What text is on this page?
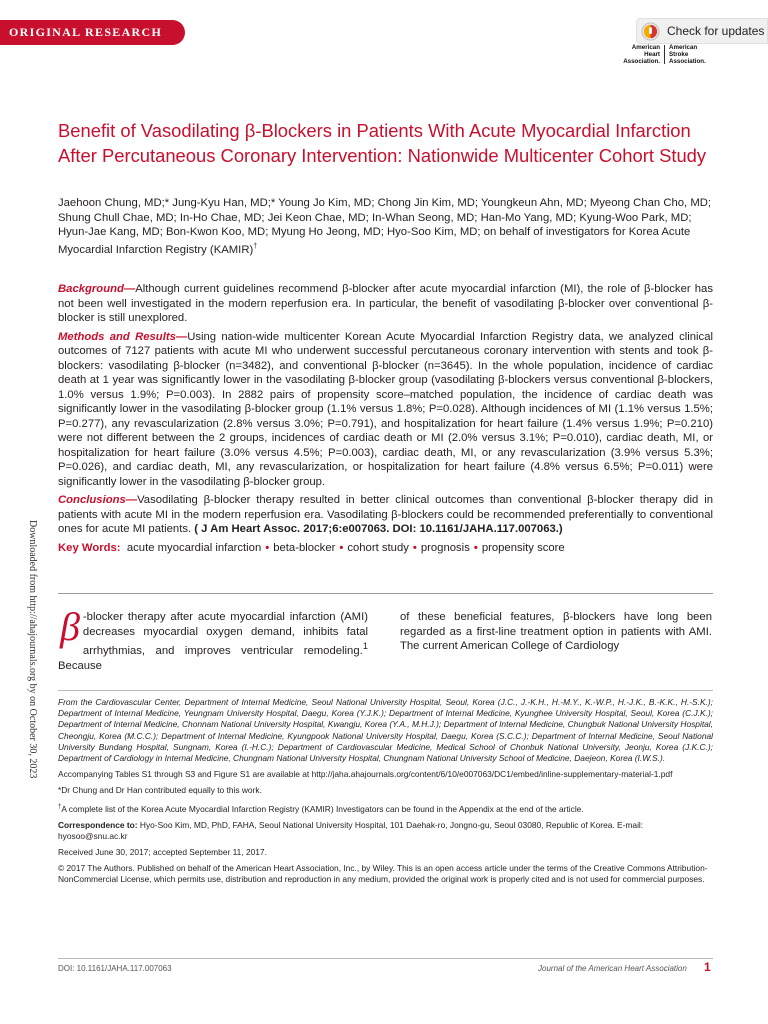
ORIGINAL RESEARCH	Check for updates
American
Heart
Association.
American
Stroke
Association.
Benefit of Vasodilating β-Blockers in Patients With Acute Myocardial Infarction After Percutaneous Coronary Intervention: Nationwide Multicenter Cohort Study
Jaehoon Chung, MD;* Jung-Kyu Han, MD;* Young Jo Kim, MD; Chong Jin Kim, MD; Youngkeun Ahn, MD; Myeong Chan Cho, MD; Shung Chull Chae, MD; In-Ho Chae, MD; Jei Keon Chae, MD; In-Whan Seong, MD; Han-Mo Yang, MD; Kyung-Woo Park, MD; Hyun-Jae Kang, MD; Bon-Kwon Koo, MD; Myung Ho Jeong, MD; Hyo-Soo Kim, MD; on behalf of investigators for Korea Acute Myocardial Infarction Registry (KAMIR)†

Background—Although current guidelines recommend β-blocker after acute myocardial infarction (MI), the role of β-blocker has not been well investigated in the modern reperfusion era. In particular, the benefit of vasodilating β-blocker over conventional β-blocker is still unexplored.

Methods and Results—Using nation-wide multicenter Korean Acute Myocardial Infarction Registry data, we analyzed clinical outcomes of 7127 patients with acute MI who underwent successful percutaneous coronary intervention with stents and took β-blockers: vasodilating β-blocker (n=3482), and conventional β-blocker (n=3645). In the whole population, incidence of cardiac death at 1 year was significantly lower in the vasodilating β-blocker group (vasodilating β-blockers versus conventional β-blockers, 1.0% versus 1.9%; P=0.003). In 2882 pairs of propensity score–matched population, the incidence of cardiac death was significantly lower in the vasodilating β-blocker group (1.1% versus 1.8%; P=0.028). Although incidences of MI (1.1% versus 1.5%; P=0.277), any revascularization (2.8% versus 3.0%; P=0.791), and hospitalization for heart failure (1.4% versus 1.9%; P=0.210) were not different between the 2 groups, incidences of cardiac death or MI (2.0% versus 3.1%; P=0.010), cardiac death, MI, or hospitalization for heart failure (3.0% versus 4.5%; P=0.003), cardiac death, MI, or any revascularization (3.9% versus 5.3%; P=0.026), and cardiac death, MI, any revascularization, or hospitalization for heart failure (4.8% versus 6.5%; P=0.011) were significantly lower in the vasodilating β-blocker group.

Conclusions—Vasodilating β-blocker therapy resulted in better clinical outcomes than conventional β-blocker therapy did in patients with acute MI in the modern reperfusion era. Vasodilating β-blockers could be recommended preferentially to conventional ones for acute MI patients. ( J Am Heart Assoc. 2017;6:e007063. DOI: 10.1161/JAHA.117.007063.)

Key Words: acute myocardial infarction • beta-blocker • cohort study • prognosis • propensity score

β -blocker therapy after acute myocardial infarction (AMI) decreases myocardial oxygen demand, inhibits fatal arrhythmias, and improves ventricular remodeling.$^1$ Because
of these beneficial features, β-blockers have long been regarded as a first-line treatment option in patients with AMI. The current American College of Cardiology

From the Cardiovascular Center, Department of Internal Medicine, Seoul National University Hospital, Seoul, Korea (J.C., J.-K.H., H.-M.Y., K.-W.P., H.-J.K., B.-K.K., H.-S.K.); Department of Internal Medicine, Yeungnam University Hospital, Daegu, Korea (Y.J.K.); Department of Internal Medicine, Kyunghee University Hospital, Seoul, Korea (C.J.K.); Department of Internal Medicine, Chonnam National University Hospital, Kwangju, Korea (Y.A., M.H.J.); Department of Internal Medicine, Chungbuk National University Hospital, Cheongju, Korea (M.C.C.); Department of Internal Medicine, Kyungpook National University Hospital, Daegu, Korea (S.C.C.); Department of Internal Medicine, Seoul National University Bundang Hospital, Sungnam, Korea (I.-H.C.); Department of Cardiovascular Medicine, Medical School of Chonbuk National University, Jeonju, Korea (J.K.C.); Department of Cardiology in Internal Medicine, Chungnam National University Hospital, Chungnam National University School of Medicine, Daejeon, Korea (I.W.S.).

Accompanying Tables S1 through S3 and Figure S1 are available at http://jaha.ahajournals.org/content/6/10/e007063/DC1/embed/inline-supplementary-material-1.pdf

*Dr Chung and Dr Han contributed equally to this work.

†A complete list of the Korea Acute Myocardial Infarction Registry (KAMIR) Investigators can be found in the Appendix at the end of the article.

Correspondence to: Hyo-Soo Kim, MD, PhD, FAHA, Seoul National University Hospital, 101 Daehak-ro, Jongno-gu, Seoul 03080, Republic of Korea. E-mail: hyosoo@snu.ac.kr

Received June 30, 2017; accepted September 11, 2017.

© 2017 The Authors. Published on behalf of the American Heart Association, Inc., by Wiley. This is an open access article under the terms of the Creative Commons Attribution-NonCommercial License, which permits use, distribution and reproduction in any medium, provided the original work is properly cited and is not used for commercial purposes.

Downloaded from http://ahajournals.org by on October 30, 2023
DOI: 10.1161/JAHA.117.007063	Journal of the American Heart Association 1
